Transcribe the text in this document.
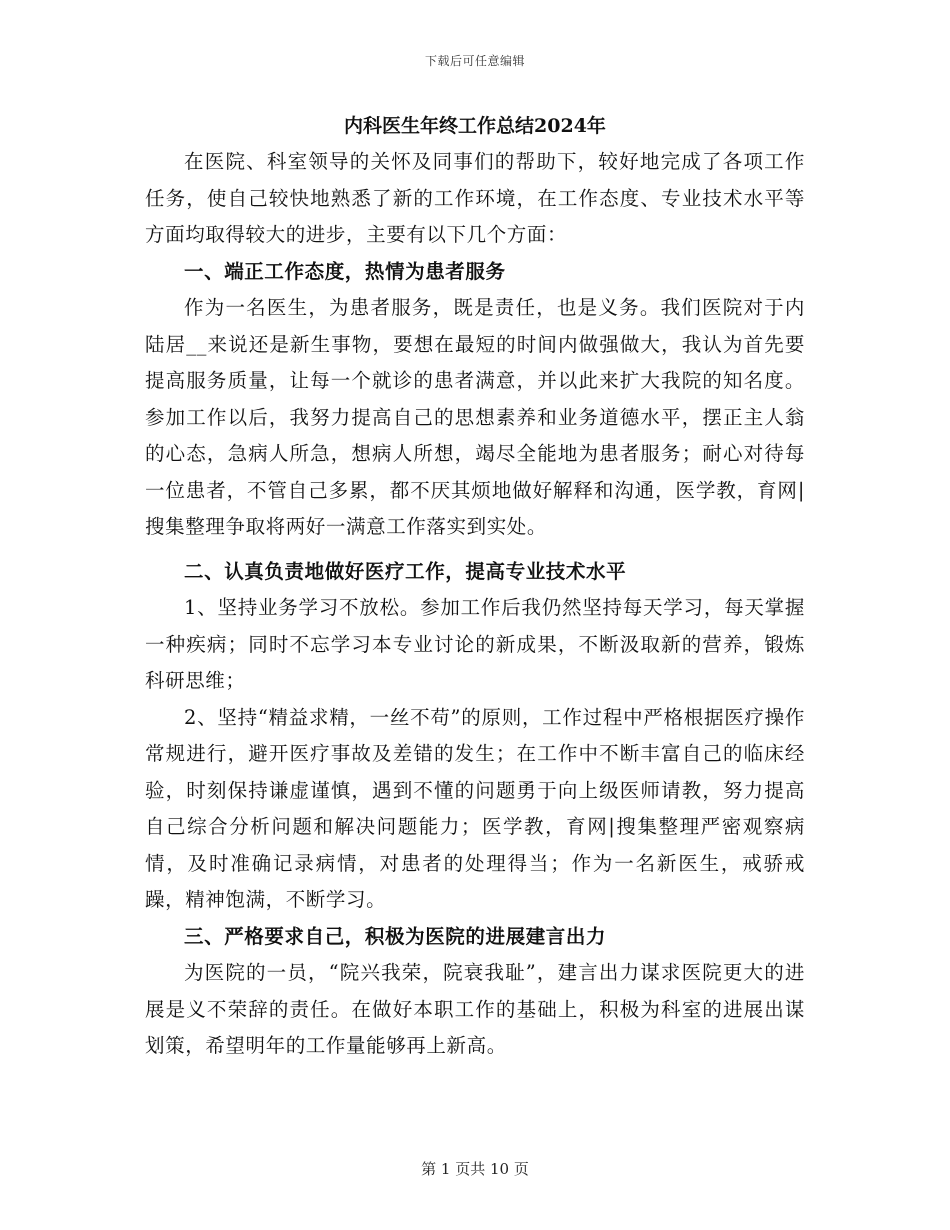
下载后可任意编辑

内科医生年终工作总结2024年

在医院、科室领导的关怀及同事们的帮助下，较好地完成了各项工作任务，使自己较快地熟悉了新的工作环境，在工作态度、专业技术水平等方面均取得较大的进步，主要有以下几个方面：

一、端正工作态度，热情为患者服务

作为一名医生，为患者服务，既是责任，也是义务。我们医院对于内陆居__来说还是新生事物，要想在最短的时间内做强做大，我认为首先要提高服务质量，让每一个就诊的患者满意，并以此来扩大我院的知名度。参加工作以后，我努力提高自己的思想素养和业务道德水平，摆正主人翁的心态，急病人所急，想病人所想，竭尽全能地为患者服务；耐心对待每一位患者，不管自己多累，都不厌其烦地做好解释和沟通，医学教，育网|搜集整理争取将两好一满意工作落实到实处。

二、认真负责地做好医疗工作，提高专业技术水平

1、坚持业务学习不放松。参加工作后我仍然坚持每天学习，每天掌握一种疾病；同时不忘学习本专业讨论的新成果，不断汲取新的营养，锻炼科研思维；

2、坚持“精益求精，一丝不苟”的原则，工作过程中严格根据医疗操作常规进行，避开医疗事故及差错的发生；在工作中不断丰富自己的临床经验，时刻保持谦虚谨慎，遇到不懂的问题勇于向上级医师请教，努力提高自己综合分析问题和解决问题能力；医学教，育网|搜集整理严密观察病情，及时准确记录病情，对患者的处理得当；作为一名新医生，戒骄戒躁，精神饱满，不断学习。

三、严格要求自己，积极为医院的进展建言出力

为医院的一员，“院兴我荣，院衰我耻”，建言出力谋求医院更大的进展是义不荣辞的责任。在做好本职工作的基础上，积极为科室的进展出谋划策，希望明年的工作量能够再上新高。

第 1 页共 10 页
